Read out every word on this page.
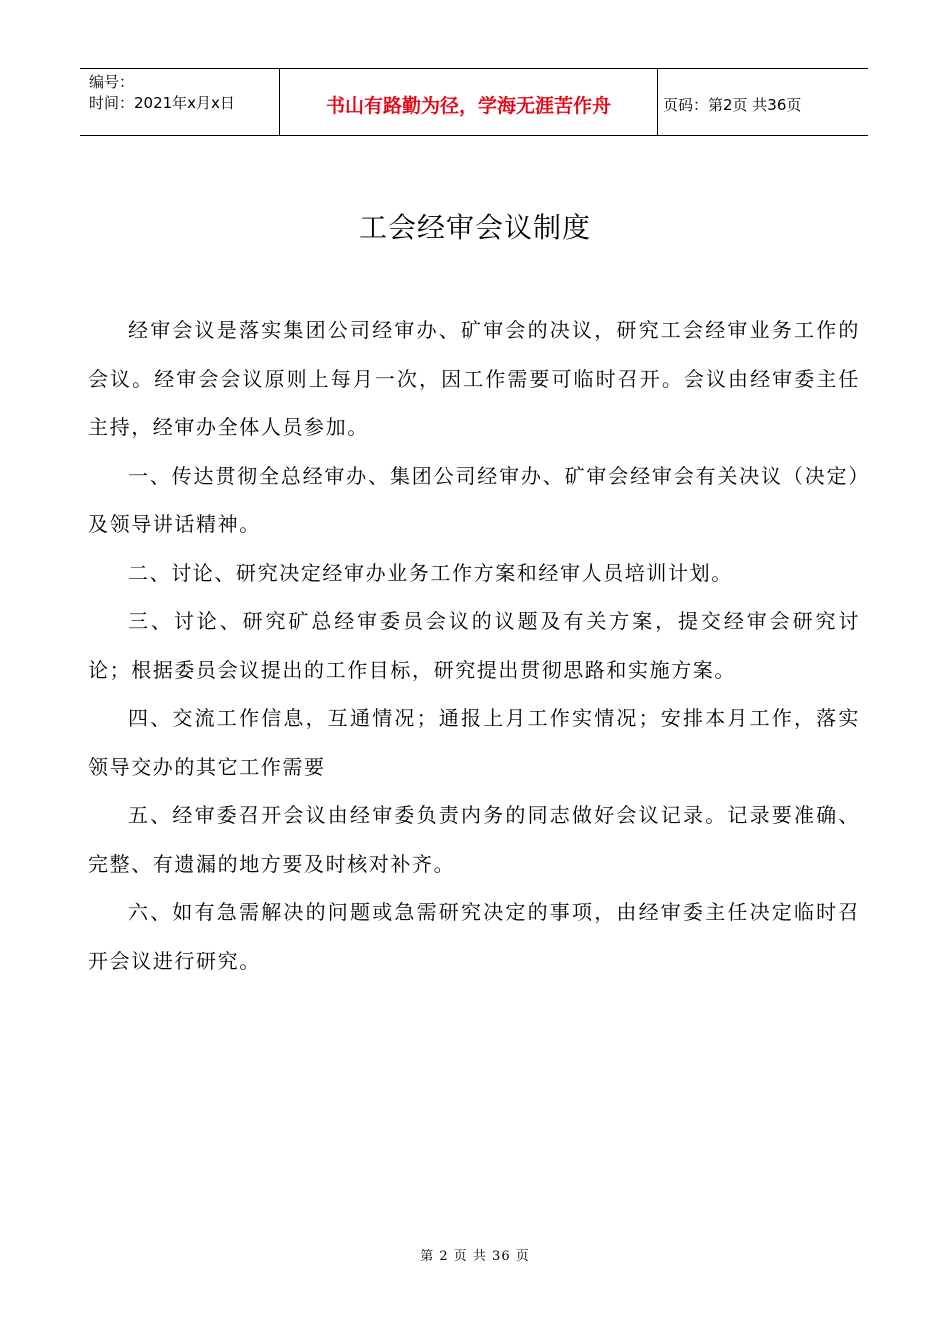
编号：
时间：2021年x月x日	书山有路勤为径，学海无涯苦作舟	页码：第2页 共36页
工会经审会议制度

经审会议是落实集团公司经审办、矿审会的决议，研究工会经审业务工作的会议。经审会会议原则上每月一次，因工作需要可临时召开。会议由经审委主任主持，经审办全体人员参加。

一、传达贯彻全总经审办、集团公司经审办、矿审会经审会有关决议（决定）及领导讲话精神。

二、讨论、研究决定经审办业务工作方案和经审人员培训计划。

三、讨论、研究矿总经审委员会议的议题及有关方案，提交经审会研究讨论；根据委员会议提出的工作目标，研究提出贯彻思路和实施方案。

四、交流工作信息，互通情况；通报上月工作实情况；安排本月工作，落实领导交办的其它工作需要

五、经审委召开会议由经审委负责内务的同志做好会议记录。记录要准确、完整、有遗漏的地方要及时核对补齐。

六、如有急需解决的问题或急需研究决定的事项，由经审委主任决定临时召开会议进行研究。

第 2 页 共 36 页
